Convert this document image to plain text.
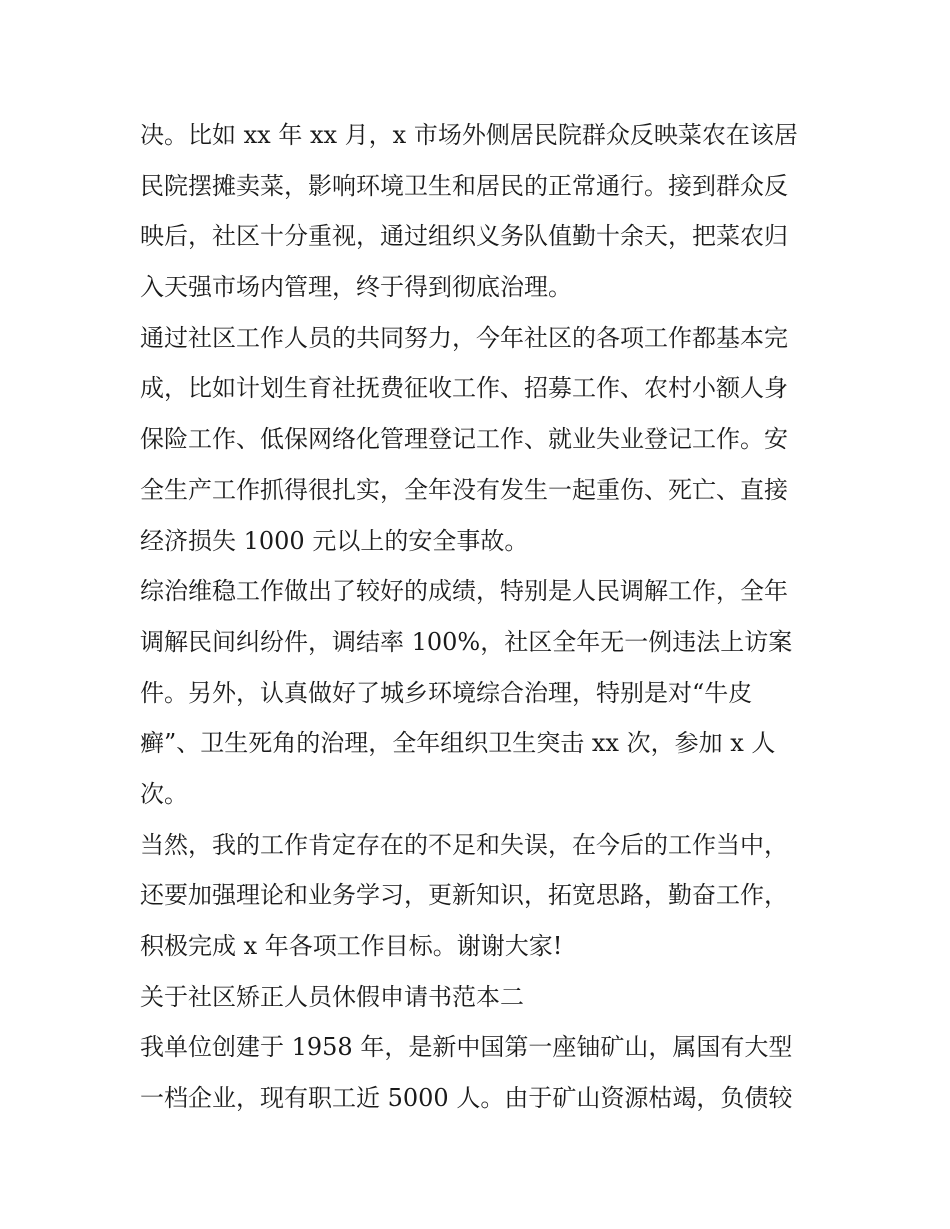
决。比如 xx 年 xx 月，x 市场外侧居民院群众反映菜农在该居
民院摆摊卖菜，影响环境卫生和居民的正常通行。接到群众反
映后，社区十分重视，通过组织义务队值勤十余天，把菜农归
入天强市场内管理，终于得到彻底治理。
通过社区工作人员的共同努力，今年社区的各项工作都基本完
成，比如计划生育社抚费征收工作、招募工作、农村小额人身
保险工作、低保网络化管理登记工作、就业失业登记工作。安
全生产工作抓得很扎实，全年没有发生一起重伤、死亡、直接
经济损失 1000 元以上的安全事故。
综治维稳工作做出了较好的成绩，特别是人民调解工作，全年
调解民间纠纷件，调结率 100%，社区全年无一例违法上访案
件。另外，认真做好了城乡环境综合治理，特别是对“牛皮
癣”、卫生死角的治理，全年组织卫生突击 xx 次，参加 x 人
次。
当然，我的工作肯定存在的不足和失误，在今后的工作当中，
还要加强理论和业务学习，更新知识，拓宽思路，勤奋工作，
积极完成 x 年各项工作目标。谢谢大家!
关于社区矫正人员休假申请书范本二
我单位创建于 1958 年，是新中国第一座铀矿山，属国有大型
一档企业，现有职工近 5000 人。由于矿山资源枯竭，负债较
